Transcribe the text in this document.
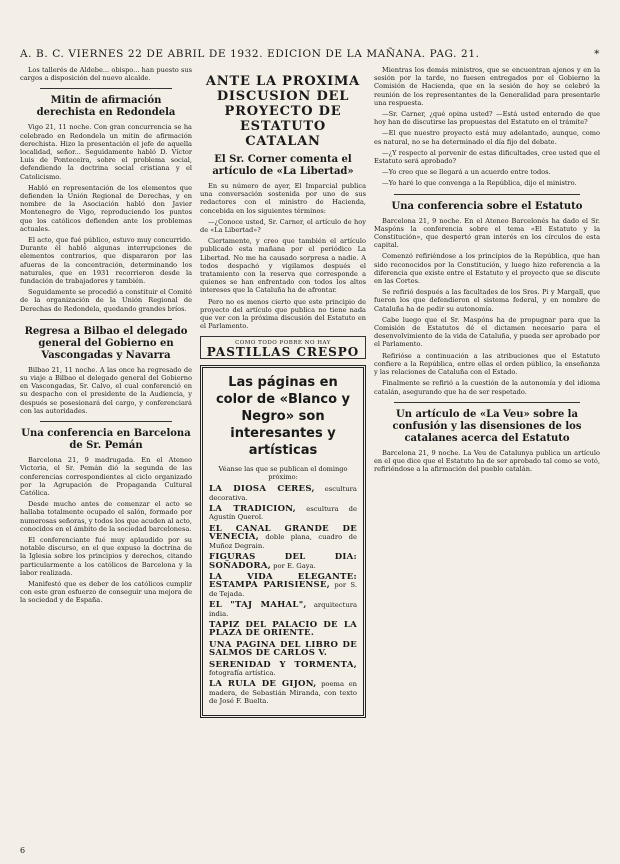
A. B. C. VIERNES 22 DE ABRIL DE 1932. EDICION DE LA MAÑANA. PAG. 21.	*

Los tallerés de Aldebe... obispo... han puesto sus cargos a disposición del nuevo alcalde.

Mitin de afirmación derechista en Redondela

Vigo 21, 11 noche. Con gran concurrencia se ha celebrado en Redondela un mitin de afirmación derechista. Hizo la presentación el jefe de aquella localidad, señor... Seguidamente habló D. Víctor Luis de Ponteceira, sobre el problema social, defendiendo la doctrina social cristiana y el Catolicismo.

Habló en representación de los elementos que defienden la Unión Regional de Derechas, y en nombre de la Asociación habló don Javier Montenegro de Vigo, reproduciendo los puntos que los católicos defienden ante los problemas actuales.

El acto, que fué público, estuvo muy concurrido. Durante él habló algunas interrupciones de elementos contrarios, que dispararon por las afueras de la concentración, determinando los naturales, que en 1931 recorrieron desde la fundación de trabajadores y también.

Seguidamente se procedió a constituir el Comité de la organización de la Unión Regional de Derechas de Redondela, quedando grandes bríos.

Regresa a Bilbao el delegado general del Gobierno en Vascongadas y Navarra

Bilbao 21, 11 noche. A las once ha regresado de su viaje a Bilbao el delegado general del Gobierno en Vascongadas, Sr. Calvo, el cual conferenció en su despacho con el presidente de la Audiencia, y después se posesionará del cargo, y conferenciará con las autoridades.

Una conferencia en Barcelona de Sr. Pemán

Barcelona 21, 9 madrugada. En el Ateneo Victoria, el Sr. Pemán dió la segunda de las conferencias correspondientes al ciclo organizado por la Agrupación de Propaganda Cultural Católica.

Desde mucho antes de comenzar el acto se hallaba totalmente ocupado el salón, formado por numerosas señoras, y todos los que acuden al acto, conocidos en el ámbito de la sociedad barcelonesa.

El conferenciante fué muy aplaudido por su notable discurso, en el que expuso la doctrina de la Iglesia sobre los principios y derechos, citando particularmente a los católicos de Barcelona y la labor realizada.

Manifestó que es deber de los católicos cumplir con este gran esfuerzo de conseguir una mejora de la sociedad y de España.

ANTE LA PROXIMA DISCUSION DEL PROYECTO DE ESTATUTO CATALAN
El Sr. Corner comenta el artículo de «La Libertad»

En su número de ayer, El Imparcial publica una conversación sostenida por uno de sus redactores con el ministro de Hacienda, concebida en los siguientes términos:

—¿Conoce usted, Sr. Carner, el artículo de hoy de «La Libertad»?

Ciertamente, y creo que también el artículo publicado esta mañana por el periódico La Libertad. No me ha causado sorpresa a nadie. A todos despachó y vigilamos después el tratamiento con la reserva que corresponde a quienes se han enfrentado con todos los altos intereses que la Cataluña ha de afrontar.

Pero no es menos cierto que este principio de proyecto del artículo que publica no tiene nada que ver con la próxima discusión del Estatuto en el Parlamento.

COMO TODO POBRE NO HAY
PASTILLAS CRESPO
Las páginas en color de «Blanco y Negro» son interesantes y artísticas
Véanse las que se publican el domingo próximo:
LA DIOSA CERES, escultura decorativa.
LA TRADICION, escultura de Agustín Querol.
EL CANAL GRANDE DE VENECIA, doble plana, cuadro de Muñoz Degrain.
FIGURAS DEL DIA: SOÑADORA, por E. Gaya.
LA VIDA ELEGANTE: ESTAMPA PARISIENSE, por S. de Tejada.
EL "TAJ MAHAL", arquitectura india.
TAPIZ DEL PALACIO DE LA PLAZA DE ORIENTE.
UNA PAGINA DEL LIBRO DE SALMOS DE CARLOS V.
SERENIDAD Y TORMENTA, fotografía artística.
LA RULA DE GIJON, poema en madera, de Sebastián Miranda, con texto de José F. Buelta.

Mientras los demás ministros, que se encuentran ajenos y en la sesión por la tarde, no fuesen entregados por el Gobierno la Comisión de Hacienda, que en la sesión de hoy se celebró la reunión de los representantes de la Generalidad para presentarle una respuesta.

—Sr. Carner, ¿qué opina usted? —Está usted enterado de que hoy han de discutirse las propuestas del Estatuto en el trámite?

—El que nuestro proyecto está muy adelantado, aunque, como es natural, no se ha determinado el día fijo del debate.

—¿Y respecto al porvenir de estas dificultades, cree usted que el Estatuto será aprobado?

—Yo creo que se llegará a un acuerdo entre todos.

—Yo haré lo que convenga a la República, dijo el ministro.

Una conferencia sobre el Estatuto

Barcelona 21, 9 noche. En el Ateneo Barcelonés ha dado el Sr. Maspóns la conferencia sobre el tema «El Estatuto y la Constitución», que despertó gran interés en los círculos de esta capital.

Comenzó refiriéndose a los principios de la República, que han sido reconocidos por la Constitución, y luego hizo referencia a la diferencia que existe entre el Estatuto y el proyecto que se discute en las Cortes.

Se refirió después a las facultades de los Sres. Pi y Margall, que fueron los que defendieron el sistema federal, y en nombre de Cataluña ha de pedir su autonomía.

Cabe luego que el Sr. Maspóns ha de propugnar para que la Comisión de Estatutos dé el dictamen necesario para el desenvolvimiento de la vida de Cataluña, y pueda ser aprobado por el Parlamento.

Refirióse a continuación a las atribuciones que el Estatuto confiere a la República, entre ellas el orden público, la enseñanza y las relaciones de Cataluña con el Estado.

Finalmente se refirió a la cuestión de la autonomía y del idioma catalán, asegurando que ha de ser respetado.

Un artículo de «La Veu» sobre la confusión y las disensiones de los catalanes acerca del Estatuto

Barcelona 21, 9 noche. La Veu de Catalunya publica un artículo en el que dice que el Estatuto ha de ser aprobado tal como se votó, refiriéndose a la afirmación del pueblo catalán.

6
